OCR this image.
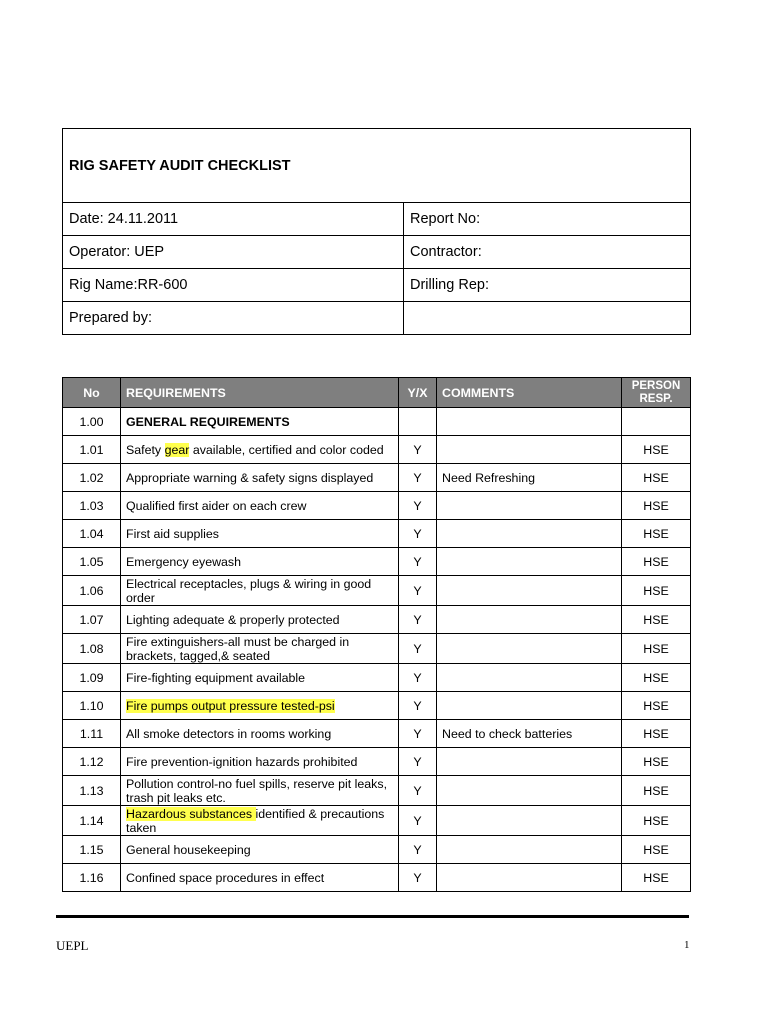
RIG SAFETY AUDIT CHECKLIST	
Date: 24.11.2011	Report No:
Operator: UEP	Contractor:
Rig Name:RR-600	Drilling Rep:
Prepared by:	
No	REQUIREMENTS	Y/X	COMMENTS	PERSON
RESP.
1.00	GENERAL REQUIREMENTS			
1.01	Safety gear available, certified and color coded	Y		HSE
1.02	Appropriate warning & safety signs displayed	Y	Need Refreshing	HSE
1.03	Qualified first aider on each crew	Y		HSE
1.04	First aid supplies	Y		HSE
1.05	Emergency eyewash	Y		HSE
1.06	Electrical receptacles, plugs & wiring in good order	Y		HSE
1.07	Lighting adequate & properly protected	Y		HSE
1.08	Fire extinguishers-all must be charged in brackets, tagged,& seated	Y		HSE
1.09	Fire-fighting equipment available	Y		HSE
1.10	Fire pumps output pressure tested-psi	Y		HSE
1.11	All smoke detectors in rooms working	Y	Need to check batteries	HSE
1.12	Fire prevention-ignition hazards prohibited	Y		HSE
1.13	Pollution control-no fuel spills, reserve pit leaks, trash pit leaks etc.	Y		HSE
1.14	Hazardous substances identified & precautions taken	Y		HSE
1.15	General housekeeping	Y		HSE
1.16	Confined space procedures in effect	Y		HSE
UEPL	1
